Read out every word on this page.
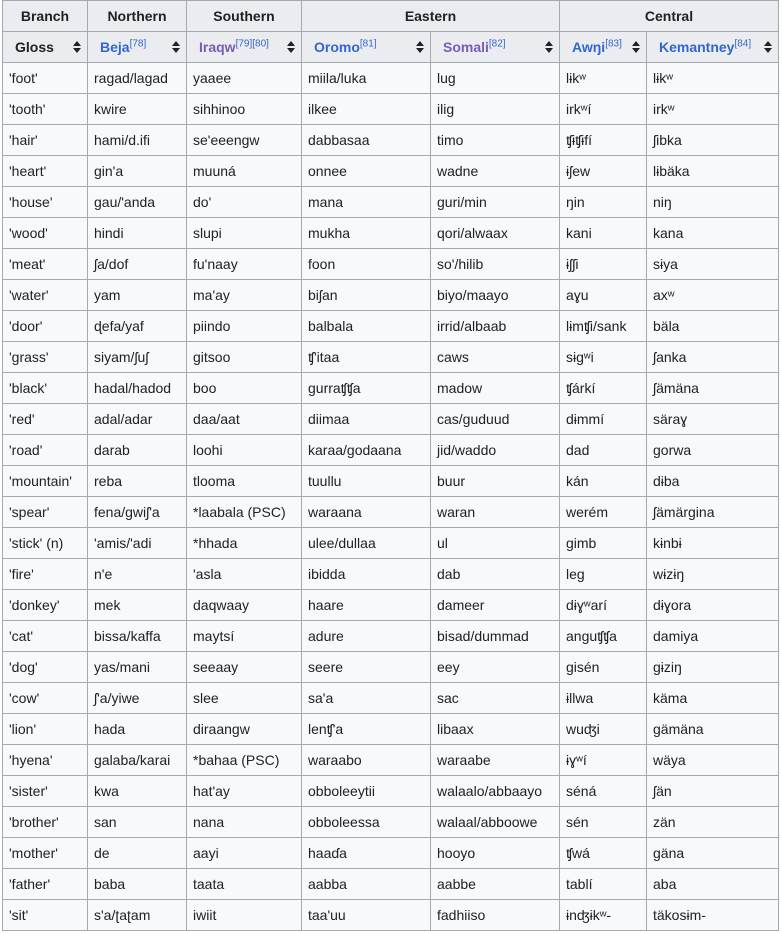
Branch	Northern	Southern	Eastern		Central	
Gloss	Beja[78]	Iraqw[79][80]	Oromo[81]	Somali[82]	Awŋi[83]	Kemantney[84]

'foot'	ragad/lagad	yaaee	miila/luka	lug	lɨkʷ	lɨkʷ
'tooth'	kwire	sihhinoo	ilkee	ilig	irkʷí	irkʷ
'hair'	hami/d.ifi	se'eeengw	dabbasaa	timo	ʧɨʧɨfí	ʃibka
'heart'	gin'a	muuná	onnee	wadne	ɨʃew	lɨbäka
'house'	gau/'anda	do'	mana	guri/min	ŋin	niŋ
'wood'	hindi	slupi	mukha	qori/alwaax	kani	kana
'meat'	ʃa/dof	fu'naay	foon	so'/hilib	ɨʃʃi	sɨya
'water'	yam	ma'ay	biʃan	biyo/maayo	aɣu	axʷ
'door'	ɖefa/yaf	piindo	balbala	irrid/albaab	lɨmʧi/sank	bäla
'grass'	siyam/ʃuʃ	gitsoo	ʧ'itaa	caws	sɨgʷi	ʃanka
'black'	hadal/hadod	boo	gurraʧʧa	madow	ʧárkí	ʃämäna
'red'	adal/adar	daa/aat	diimaa	cas/guduud	dɨmmí	säraɣ
'road'	darab	loohi	karaa/godaana	jid/waddo	dad	gorwa
'mountain'	reba	tlooma	tuullu	buur	kán	dɨba
'spear'	fena/gwiʃ'a	*laabala (PSC)	waraana	waran	werém	ʃämärgina
'stick' (n)	'amis/'adi	*hhada	ulee/dullaa	ul	gimb	kɨnbɨ
'fire'	n'e	'asla	ibidda	dab	leg	wɨzɨŋ
'donkey'	mek	daqwaay	haare	dameer	dɨɣʷarí	dɨɣora
'cat'	bissa/kaffa	maytsí	adure	bisad/dummad	anguʧʧa	damiya
'dog'	yas/mani	seeaay	seere	eey	gisén	gɨziŋ
'cow'	ʃ'a/yiwe	slee	sa'a	sac	ɨllwa	käma
'lion'	hada	diraangw	lenʧ'a	libaax	wuʤi	gämäna
'hyena'	galaba/karai	*bahaa (PSC)	waraabo	waraabe	ɨɣʷí	wäya
'sister'	kwa	hat'ay	obboleeytii	walaalo/abbaayo	séná	ʃän
'brother'	san	nana	obboleessa	walaal/abboowe	sén	zän
'mother'	de	aayi	haaɗa	hooyo	ʧwá	gäna
'father'	baba	taata	aabba	aabbe	tablí	aba
'sit'	s'a/ʈaʈam	iwiit	taa'uu	fadhiiso	ɨnʤɨkʷ-	täkosɨm-
